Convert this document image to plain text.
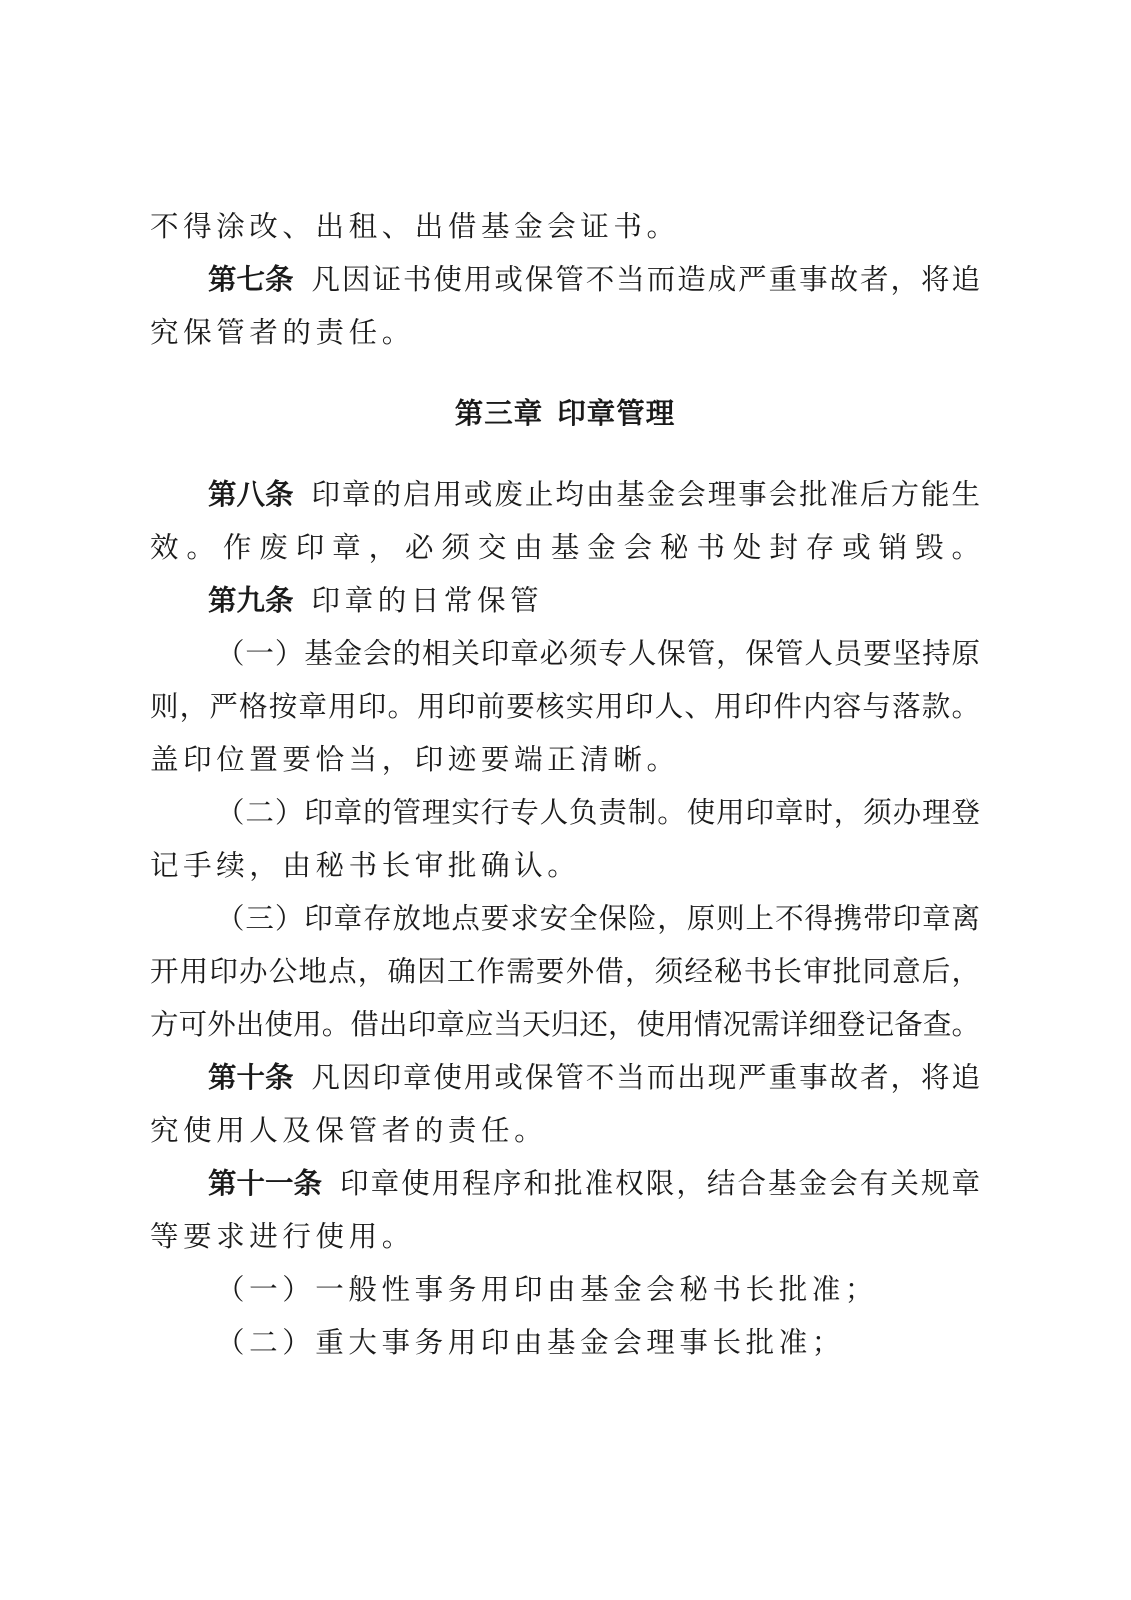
不得涂改、出租、出借基金会证书。
第七条 凡因证书使用或保管不当而造成严重事故者，将追
究保管者的责任。
第三章 印章管理
第八条 印章的启用或废止均由基金会理事会批准后方能生
效。作废印章，必须交由基金会秘书处封存或销毁。
第九条 印章的日常保管
（一）基金会的相关印章必须专人保管，保管人员要坚持原
则，严格按章用印。用印前要核实用印人、用印件内容与落款。
盖印位置要恰当，印迹要端正清晰。
（二）印章的管理实行专人负责制。使用印章时，须办理登
记手续，由秘书长审批确认。
（三）印章存放地点要求安全保险，原则上不得携带印章离
开用印办公地点，确因工作需要外借，须经秘书长审批同意后，
方可外出使用。借出印章应当天归还，使用情况需详细登记备查。
第十条 凡因印章使用或保管不当而出现严重事故者，将追
究使用人及保管者的责任。
第十一条 印章使用程序和批准权限，结合基金会有关规章
等要求进行使用。
（一）一般性事务用印由基金会秘书长批准；
（二）重大事务用印由基金会理事长批准；
